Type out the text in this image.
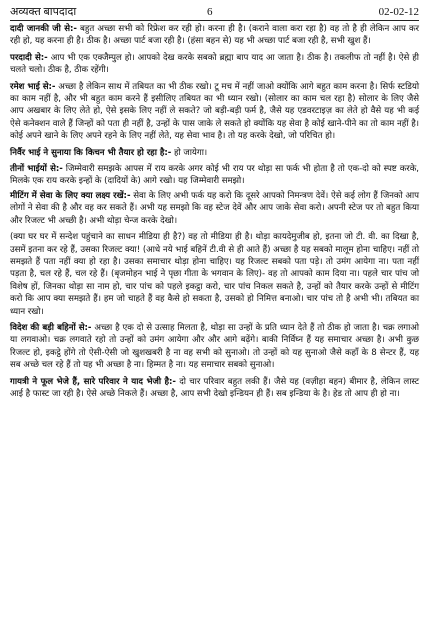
अव्यक्त बापदादा	6	02-02-12

दादी जानकी जी से:- बहुत अच्छा सभी को रिफ्रेश कर रही हो। करना ही है। (कराने वाला करा रहा है) वह तो है ही लेकिन आप कर रही हो, यह करना ही है। ठीक है। अच्छा पार्ट बजा रही है। (हंसा बहन से) यह भी अच्छा पार्ट बजा रही है, सभी खुश हैं।

परदादी से:- आप भी एक एक्जैम्पुल हो। आपको देख करके सबको ब्रह्मा बाप याद आ जाता है। ठीक है। तकलीफ तो नहीं है। ऐसे ही चलते चलो। ठीक है, ठीक रहेंगी।

रमेश भाई से:- अच्छा है लेकिन साथ में तबियत का भी ठीक रखो। टू मच में नहीं जाओ क्योंकि आगे बहुत काम करना है। सिर्फ स्टडियो का काम नहीं है, और भी बहुत काम करने हैं इसीलिए तबियत का भी ध्यान रखो। (सोलार का काम चल रहा है) सोलार के लिए जैसे आप अखबार के लिए लेते हो, ऐसे इसके लिए नहीं ले सकते? जो बड़ी-बड़ी फर्म है, जैसे यह एडवरटाइज़ का लेते हो वैसे यह भी कई ऐसे कनेक्शन वाले हैं जिन्हों को पता ही नहीं है, उन्हों के पास जाके ले सकते हो क्योंकि यह सेवा है कोई खाने-पीने का तो काम नहीं है। कोई अपने खाने के लिए अपने रहने के लिए नहीं लेते, यह सेवा भाव है। तो यह करके देखो, जो परिचित हो।

निर्वैर भाई ने सुनाया कि किचन भी तैयार हो रहा है:- हो जायेगा।

तीनों भाईयों से:- जिम्मेवारी समझके आपस में राय करके अगर कोई भी राय पर थोड़ा सा फर्क भी होता है तो एक-दो को स्पष्ट करके, मिलके एक राय करके इन्हों के (दादियों के) आगे रखो। यह जिम्मेवारी समझो।

मीटिंग में सेवा के लिए क्या लक्ष्य रखें:- सेवा के लिए अभी फर्क यह करो कि दूसरे आपको निमन्त्रण देवें। ऐसे कई लोग हैं जिनको आप लोगों ने सेवा की है और वह कर सकते हैं। अभी यह समझो कि वह स्टेज देवें और आप जाके सेवा करो। अपनी स्टेज पर तो बहुत किया और रिजल्ट भी अच्छी है। अभी थोड़ा चेन्ज करके देखो।

(क्या घर घर में सन्देश पहुंचाने का साधन मीडिया ही है?) वह तो मीडिया ही है। थोड़ा कायदेमुजीब हो, इतना जो टी. वी. का दिखा है, उसमें इतना कर रहे हैं, उसका रिजल्ट क्या! (आधे नये भाई बहिनें टी.वी से ही आते हैं) अच्छा है यह सबको मालूम होना चाहिए। नहीं तो समझते हैं पता नहीं क्या हो रहा है। उसका समाचार थोड़ा होना चाहिए। यह रिजल्ट सबको पता पड़े। तो उमंग आयेगा ना। पता नहीं पड़ता है, चल रहे हैं, चल रहे हैं। (बृजमोहन भाई ने पृछा गीता के भगवान के लिए)- वह तो आपको काम दिया ना। पहले चार पांच जो विशेष हों, जिनका थोड़ा सा नाम हो, चार पांच को पहले इकट्ठा करो, चार पांच निकल सकते है, उन्हों को तैयार करके उन्हों से मीटिंग करो कि आप क्या समझते हैं। हम जो चाहते हैं वह कैसे हो सकता है, उसको हो निमित्त बनाओ। चार पांच तो है अभी भी। तबियत का ध्यान रखो।

विदेश की बड़ी बहिनों से:- अच्छा है एक दो से उत्साह मिलता है, थोड़ा सा उन्हों के प्रति ध्यान देते हैं तो ठीक हो जाता है। चक्र लगाओ या लगवाओ। चक्र लगवाते रहो तो उन्हों को उमंग आयेगा और और आगे बढ़ेंगे। बाकी निर्विघ्न हैं यह समाचार अच्छा है। अभी कुछ रिजल्ट हो, इकट्ठे होंगे तो ऐसी-ऐसी जो खुशखबरी है ना वह सभी को सुनाओ। तो उन्हों को यह सुनाओ जैसे कहाँ के 8 सेन्टर हैं, यह सब अच्छे चल रहे हैं तो यह भी अच्छा है ना। हिम्मत है ना। यह समाचार सबको सुनाओ।

गायत्री ने फूल भेजे हैं, सारे परिवार ने याद भेजी है:- दो चार परिवार बहुत लकी हैं। जैसे यह (वज़ीहा बहन) बीमार है, लेकिन लास्ट आई है फास्ट जा रही है। ऐसे अच्छे निकले हैं। अच्छा है, आप सभी देखो इन्डियन ही हैं। सब इन्डिया के है। हेड तो आप ही हो ना।
